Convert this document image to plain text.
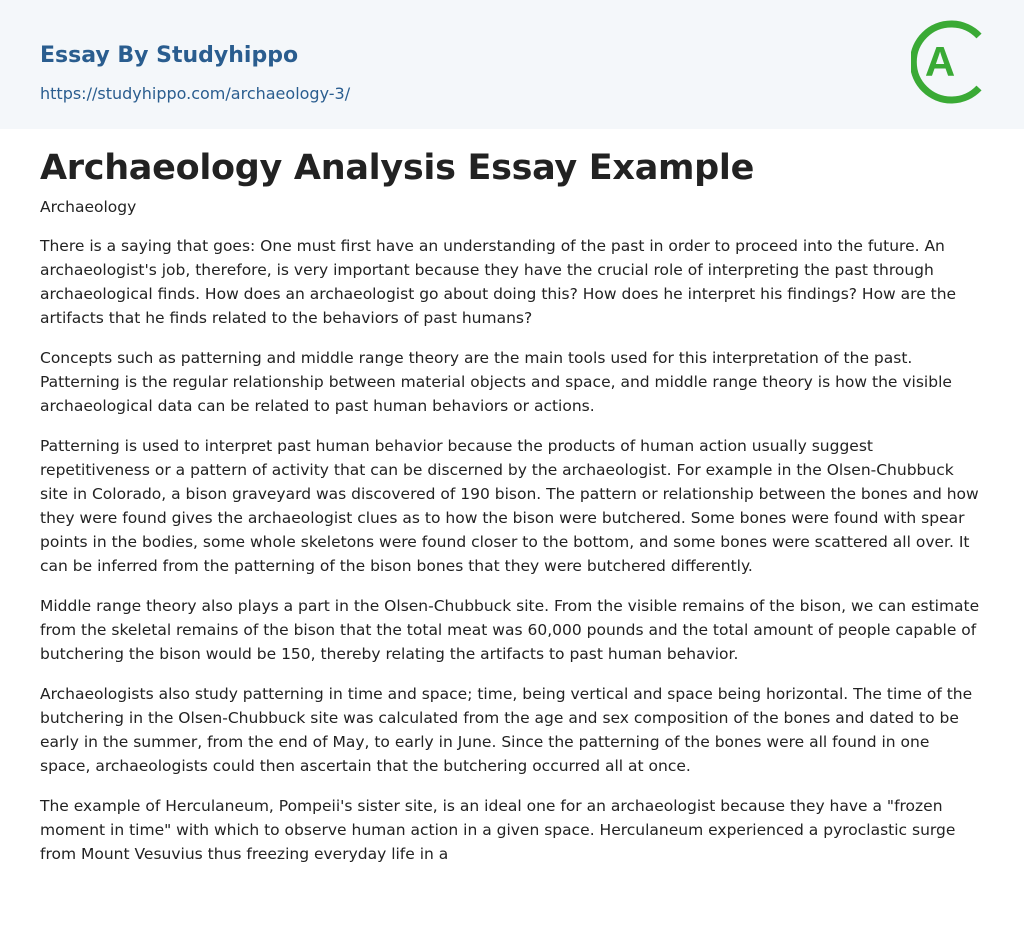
Essay By Studyhippo
https://studyhippo.com/archaeology-3/
A
Archaeology Analysis Essay Example
Archaeology

There is a saying that goes: One must first have an understanding of the past in order to proceed into the future. An archaeologist's job, therefore, is very important because they have the crucial role of interpreting the past through archaeological finds. How does an archaeologist go about doing this? How does he interpret his findings? How are the artifacts that he finds related to the behaviors of past humans?

Concepts such as patterning and middle range theory are the main tools used for this interpretation of the past. Patterning is the regular relationship between material objects and space, and middle range theory is how the visible archaeological data can be related to past human behaviors or actions.

Patterning is used to interpret past human behavior because the products of human action usually suggest repetitiveness or a pattern of activity that can be discerned by the archaeologist. For example in the Olsen-Chubbuck site in Colorado, a bison graveyard was discovered of 190 bison. The pattern or relationship between the bones and how they were found gives the archaeologist clues as to how the bison were butchered. Some bones were found with spear points in the bodies, some whole skeletons were found closer to the bottom, and some bones were scattered all over. It can be inferred from the patterning of the bison bones that they were butchered differently.

Middle range theory also plays a part in the Olsen-Chubbuck site. From the visible remains of the bison, we can estimate from the skeletal remains of the bison that the total meat was 60,000 pounds and the total amount of people capable of butchering the bison would be 150, thereby relating the artifacts to past human behavior.

Archaeologists also study patterning in time and space; time, being vertical and space being horizontal. The time of the butchering in the Olsen-Chubbuck site was calculated from the age and sex composition of the bones and dated to be early in the summer, from the end of May, to early in June. Since the patterning of the bones were all found in one space, archaeologists could then ascertain that the butchering occurred all at once.

The example of Herculaneum, Pompeii's sister site, is an ideal one for an archaeologist because they have a "frozen moment in time" with which to observe human action in a given space. Herculaneum experienced a pyroclastic surge from Mount Vesuvius thus freezing everyday life in a
